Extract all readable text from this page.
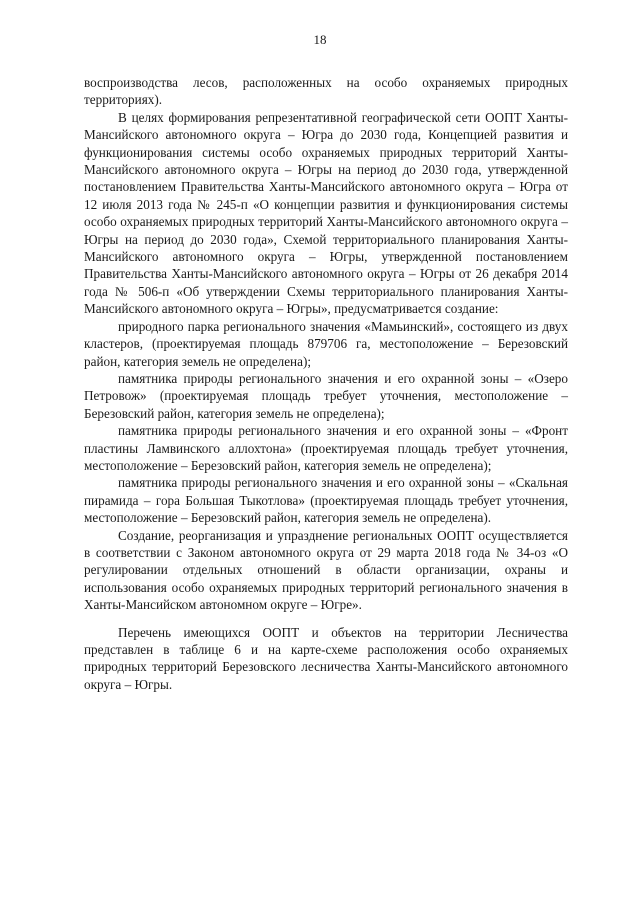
18

воспроизводства лесов, расположенных на особо охраняемых природных территориях).

В целях формирования репрезентативной географической сети ООПТ Ханты-Мансийского автономного округа – Югра до 2030 года, Концепцией развития и функционирования системы особо охраняемых природных территорий Ханты-Мансийского автономного округа – Югры на период до 2030 года, утвержденной постановлением Правительства Ханты-Мансийского автономного округа – Югра от 12 июля 2013 года № 245-п «О концепции развития и функционирования системы особо охраняемых природных территорий Ханты-Мансийского автономного округа – Югры на период до 2030 года», Схемой территориального планирования Ханты-Мансийского автономного округа – Югры, утвержденной постановлением Правительства Ханты-Мансийского автономного округа – Югры от 26 декабря 2014 года № 506-п «Об утверждении Схемы территориального планирования Ханты-Мансийского автономного округа – Югры», предусматривается создание:

природного парка регионального значения «Мамьинский», состоящего из двух кластеров, (проектируемая площадь 879706 га, местоположение – Березовский район, категория земель не определена);

памятника природы регионального значения и его охранной зоны – «Озеро Петровож» (проектируемая площадь требует уточнения, местоположение – Березовский район, категория земель не определена);

памятника природы регионального значения и его охранной зоны – «Фронт пластины Ламвинского аллохтона» (проектируемая площадь требует уточнения, местоположение – Березовский район, категория земель не определена);

памятника природы регионального значения и его охранной зоны – «Скальная пирамида – гора Большая Тыкотлова» (проектируемая площадь требует уточнения, местоположение – Березовский район, категория земель не определена).

Создание, реорганизация и упразднение региональных ООПТ осуществляется в соответствии с Законом автономного округа от 29 марта 2018 года № 34-оз «О регулировании отдельных отношений в области организации, охраны и использования особо охраняемых природных территорий регионального значения в Ханты-Мансийском автономном округе – Югре».

Перечень имеющихся ООПТ и объектов на территории Лесничества представлен в таблице 6 и на карте-схеме расположения особо охраняемых природных территорий Березовского лесничества Ханты-Мансийского автономного округа – Югры.
